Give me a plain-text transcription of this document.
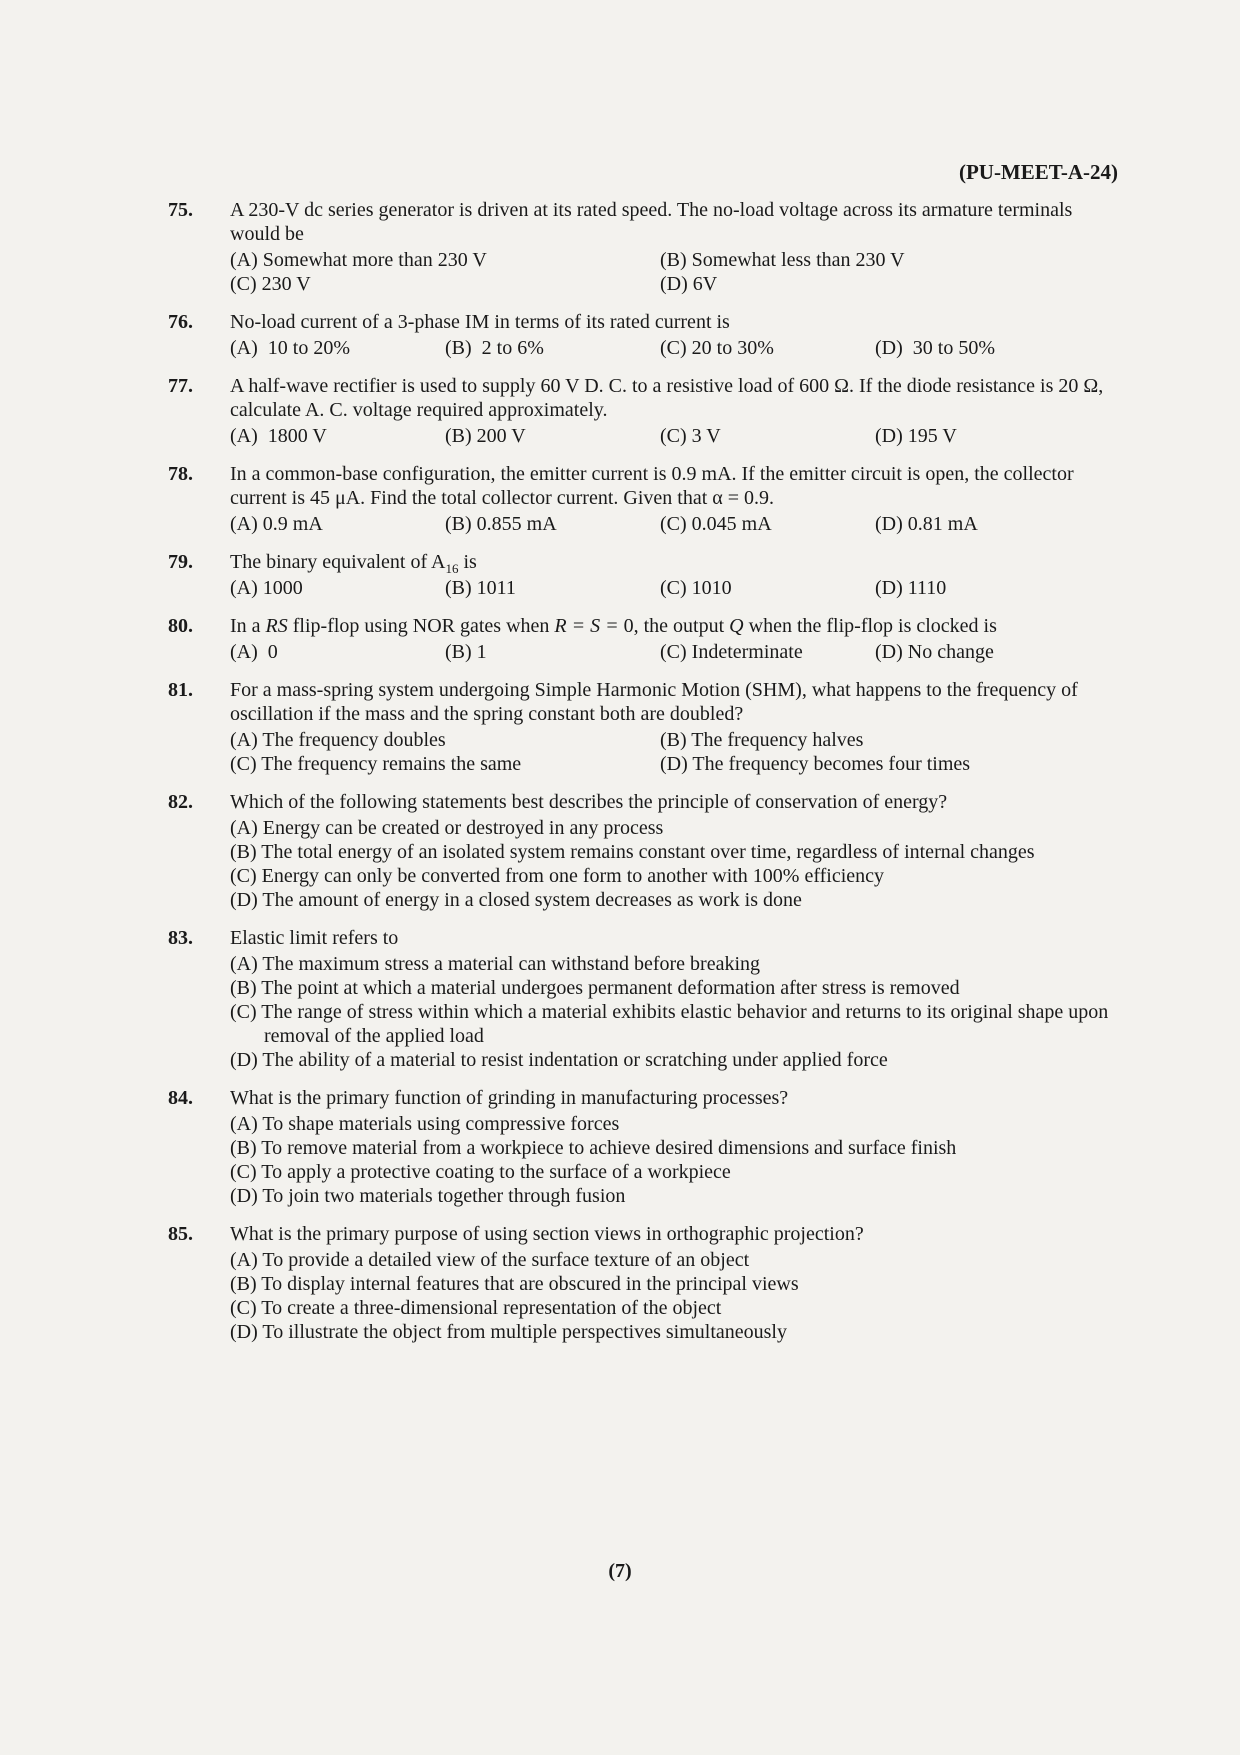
(PU-MEET-A-24)
75. A 230-V dc series generator is driven at its rated speed. The no-load voltage across its armature terminals would be
(A) Somewhat more than 230 V	(B) Somewhat less than 230 V
(C) 230 V	(D) 6V
76. No-load current of a 3-phase IM in terms of its rated current is
(A)  10 to 20%	(B)  2 to 6%	(C) 20 to 30%	(D)  30 to 50%
77. A half-wave rectifier is used to supply 60 V D. C. to a resistive load of 600 Ω. If the diode resistance is 20 Ω, calculate A. C. voltage required approximately.
(A)  1800 V	(B) 200 V	(C) 3 V	(D) 195 V
78. In a common-base configuration, the emitter current is 0.9 mA. If the emitter circuit is open, the collector current is 45 μA. Find the total collector current. Given that α = 0.9.
(A) 0.9 mA	(B) 0.855 mA	(C) 0.045 mA	(D) 0.81 mA
79. The binary equivalent of $A_{16}$ is
(A) 1000	(B) 1011	(C) 1010	(D) 1110
80. In a RS flip-flop using NOR gates when R = S = 0, the output Q when the flip-flop is clocked is
(A)  0	(B) 1	(C) Indeterminate	(D) No change
81. For a mass-spring system undergoing Simple Harmonic Motion (SHM), what happens to the frequency of oscillation if the mass and the spring constant both are doubled?
(A) The frequency doubles	(B) The frequency halves
(C) The frequency remains the same	(D) The frequency becomes four times
82. Which of the following statements best describes the principle of conservation of energy?
(A) Energy can be created or destroyed in any process
(B) The total energy of an isolated system remains constant over time, regardless of internal changes
(C) Energy can only be converted from one form to another with 100% efficiency
(D) The amount of energy in a closed system decreases as work is done
83. Elastic limit refers to
(A) The maximum stress a material can withstand before breaking
(B) The point at which a material undergoes permanent deformation after stress is removed
(C) The range of stress within which a material exhibits elastic behavior and returns to its original shape upon removal of the applied load
(D) The ability of a material to resist indentation or scratching under applied force
84. What is the primary function of grinding in manufacturing processes?
(A) To shape materials using compressive forces
(B) To remove material from a workpiece to achieve desired dimensions and surface finish
(C) To apply a protective coating to the surface of a workpiece
(D) To join two materials together through fusion
85. What is the primary purpose of using section views in orthographic projection?
(A) To provide a detailed view of the surface texture of an object
(B) To display internal features that are obscured in the principal views
(C) To create a three-dimensional representation of the object
(D) To illustrate the object from multiple perspectives simultaneously
(7)
